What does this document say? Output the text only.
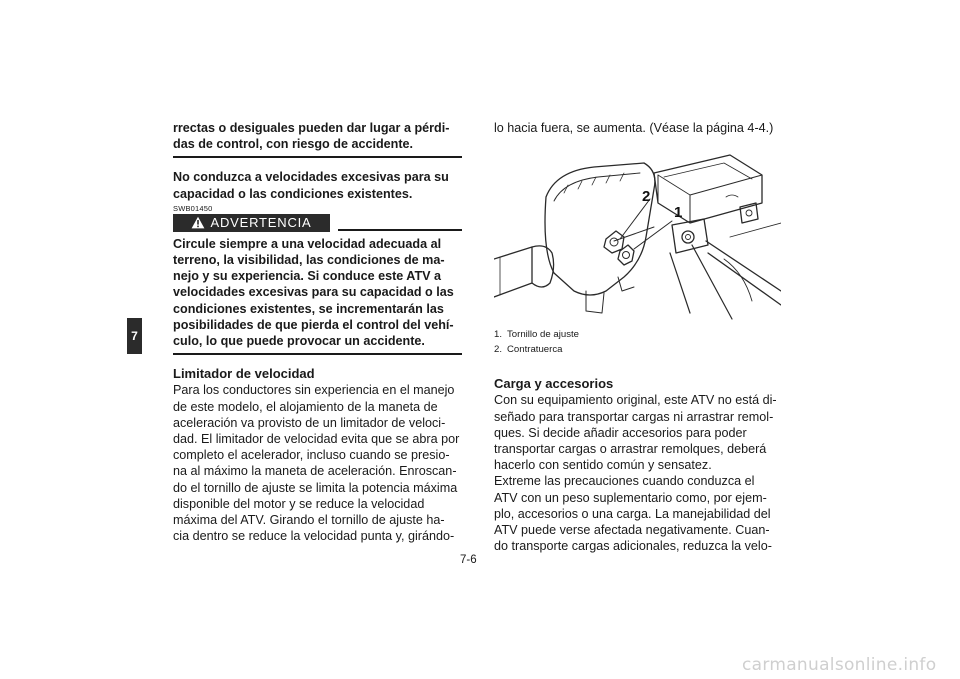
7

rrectas o desiguales pueden dar lugar a pérdi-

das de control, con riesgo de accidente.

No conduzca a velocidades excesivas para su

capacidad o las condiciones existentes.

SWB01450
ADVERTENCIA

Circule siempre a una velocidad adecuada al

terreno, la visibilidad, las condiciones de ma-

nejo y su experiencia. Si conduce este ATV a

velocidades excesivas para su capacidad o las

condiciones existentes, se incrementarán las

posibilidades de que pierda el control del vehí-

culo, lo que puede provocar un accidente.

Limitador de velocidad

Para los conductores sin experiencia en el manejo

de este modelo, el alojamiento de la maneta de

aceleración va provisto de un limitador de veloci-

dad. El limitador de velocidad evita que se abra por

completo el acelerador, incluso cuando se presio-

na al máximo la maneta de aceleración. Enroscan-

do el tornillo de ajuste se limita la potencia máxima

disponible del motor y se reduce la velocidad

máxima del ATV. Girando el tornillo de ajuste ha-

cia dentro se reduce la velocidad punta y, girándo-

lo hacia fuera, se aumenta. (Véase la página 4-4.)

2
1
1. Tornillo de ajuste
2. Contratuerca
Carga y accesorios

Con su equipamiento original, este ATV no está di-

señado para transportar cargas ni arrastrar remol-

ques. Si decide añadir accesorios para poder

transportar cargas o arrastrar remolques, deberá

hacerlo con sentido común y sensatez.

Extreme las precauciones cuando conduzca el

ATV con un peso suplementario como, por ejem-

plo, accesorios o una carga. La manejabilidad del

ATV puede verse afectada negativamente. Cuan-

do transporte cargas adicionales, reduzca la velo-

7-6
carmanualsonline.info
